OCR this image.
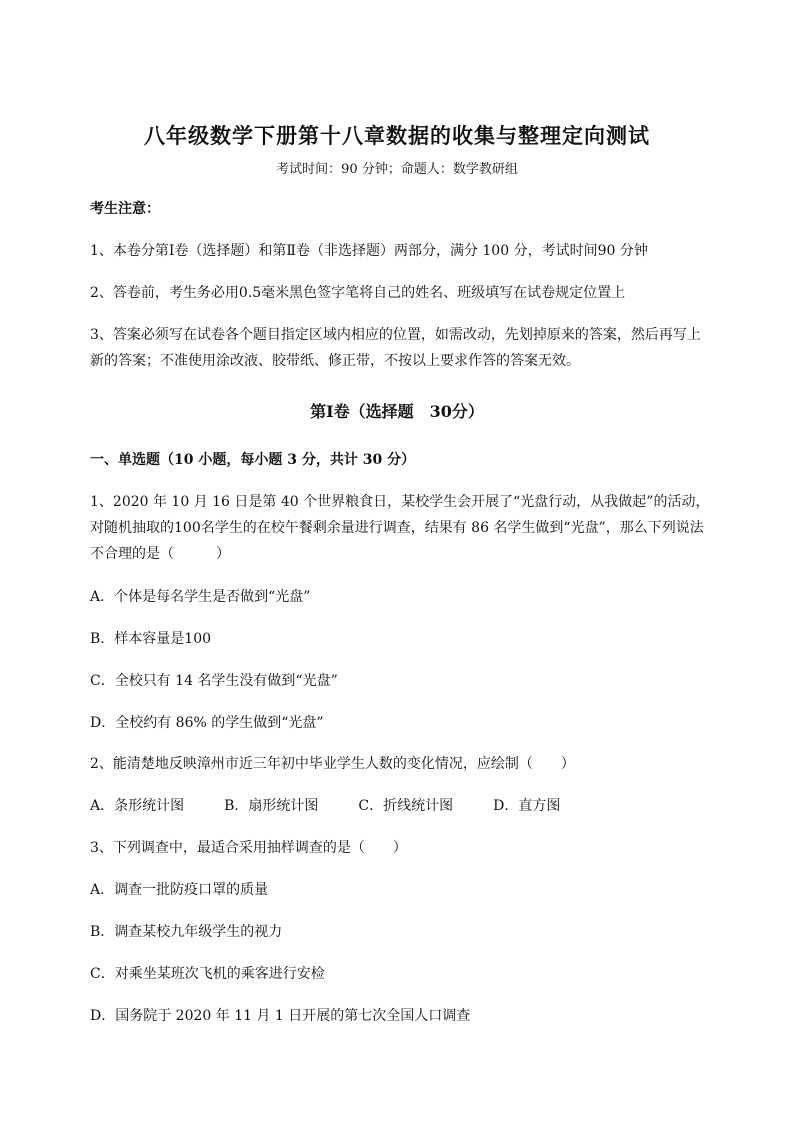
八年级数学下册第十八章数据的收集与整理定向测试

考试时间：90 分钟；命题人：数学教研组

考生注意：

1、本卷分第Ⅰ卷（选择题）和第Ⅱ卷（非选择题）两部分，满分 100 分，考试时间90 分钟

2、答卷前，考生务必用0.5毫米黑色签字笔将自己的姓名、班级填写在试卷规定位置上

3、答案必须写在试卷各个题目指定区域内相应的位置，如需改动，先划掉原来的答案，然后再写上新的答案；不准使用涂改液、胶带纸、修正带，不按以上要求作答的答案无效。

第Ⅰ卷（选择题　30分）

一、单选题（10 小题，每小题 3 分，共计 30 分）

1、2020 年 10 月 16 日是第 40 个世界粮食日，某校学生会开展了“光盘行动，从我做起”的活动，

对随机抽取的100名学生的在校午餐剩余量进行调查，结果有 86 名学生做到“光盘”，那么下列说法

不合理的是（　　　）

A．个体是每名学生是否做到“光盘”

B．样本容量是100

C．全校只有 14 名学生没有做到“光盘”

D．全校约有 86% 的学生做到“光盘”

2、能清楚地反映漳州市近三年初中毕业学生人数的变化情况，应绘制（　　）

A．条形统计图	B．扇形统计图	C．折线统计图	D．直方图

3、下列调查中，最适合采用抽样调查的是（　　）

A．调查一批防疫口罩的质量

B．调查某校九年级学生的视力

C．对乘坐某班次飞机的乘客进行安检

D．国务院于 2020 年 11 月 1 日开展的第七次全国人口调查
